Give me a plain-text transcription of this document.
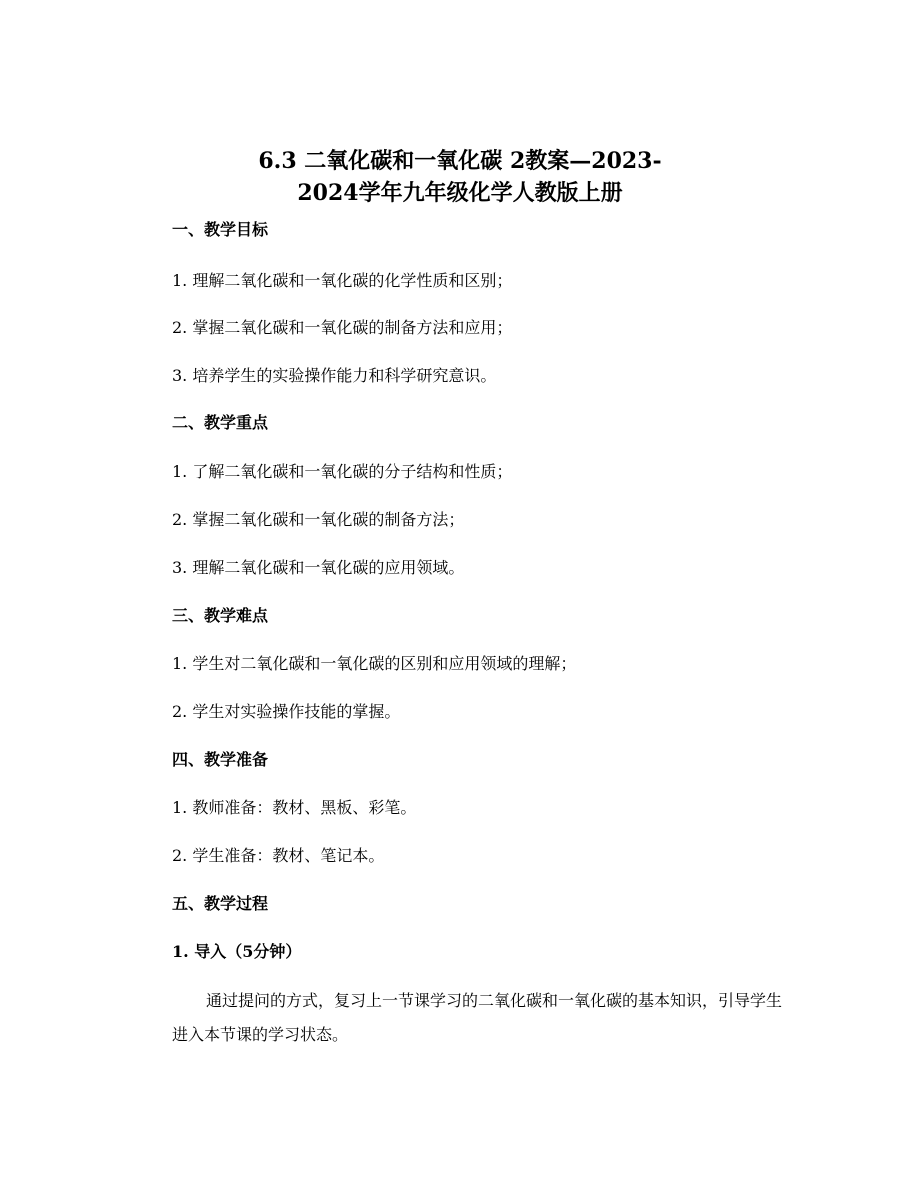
6.3 二氧化碳和一氧化碳 2教案—2023-
2024学年九年级化学人教版上册
一、教学目标
1. 理解二氧化碳和一氧化碳的化学性质和区别；
2. 掌握二氧化碳和一氧化碳的制备方法和应用；
3. 培养学生的实验操作能力和科学研究意识。
二、教学重点
1. 了解二氧化碳和一氧化碳的分子结构和性质；
2. 掌握二氧化碳和一氧化碳的制备方法；
3. 理解二氧化碳和一氧化碳的应用领域。
三、教学难点
1. 学生对二氧化碳和一氧化碳的区别和应用领域的理解；
2. 学生对实验操作技能的掌握。
四、教学准备
1. 教师准备：教材、黑板、彩笔。
2. 学生准备：教材、笔记本。
五、教学过程
1. 导入（5分钟）
通过提问的方式，复习上一节课学习的二氧化碳和一氧化碳的基本知识，引导学生进入本节课的学习状态。
